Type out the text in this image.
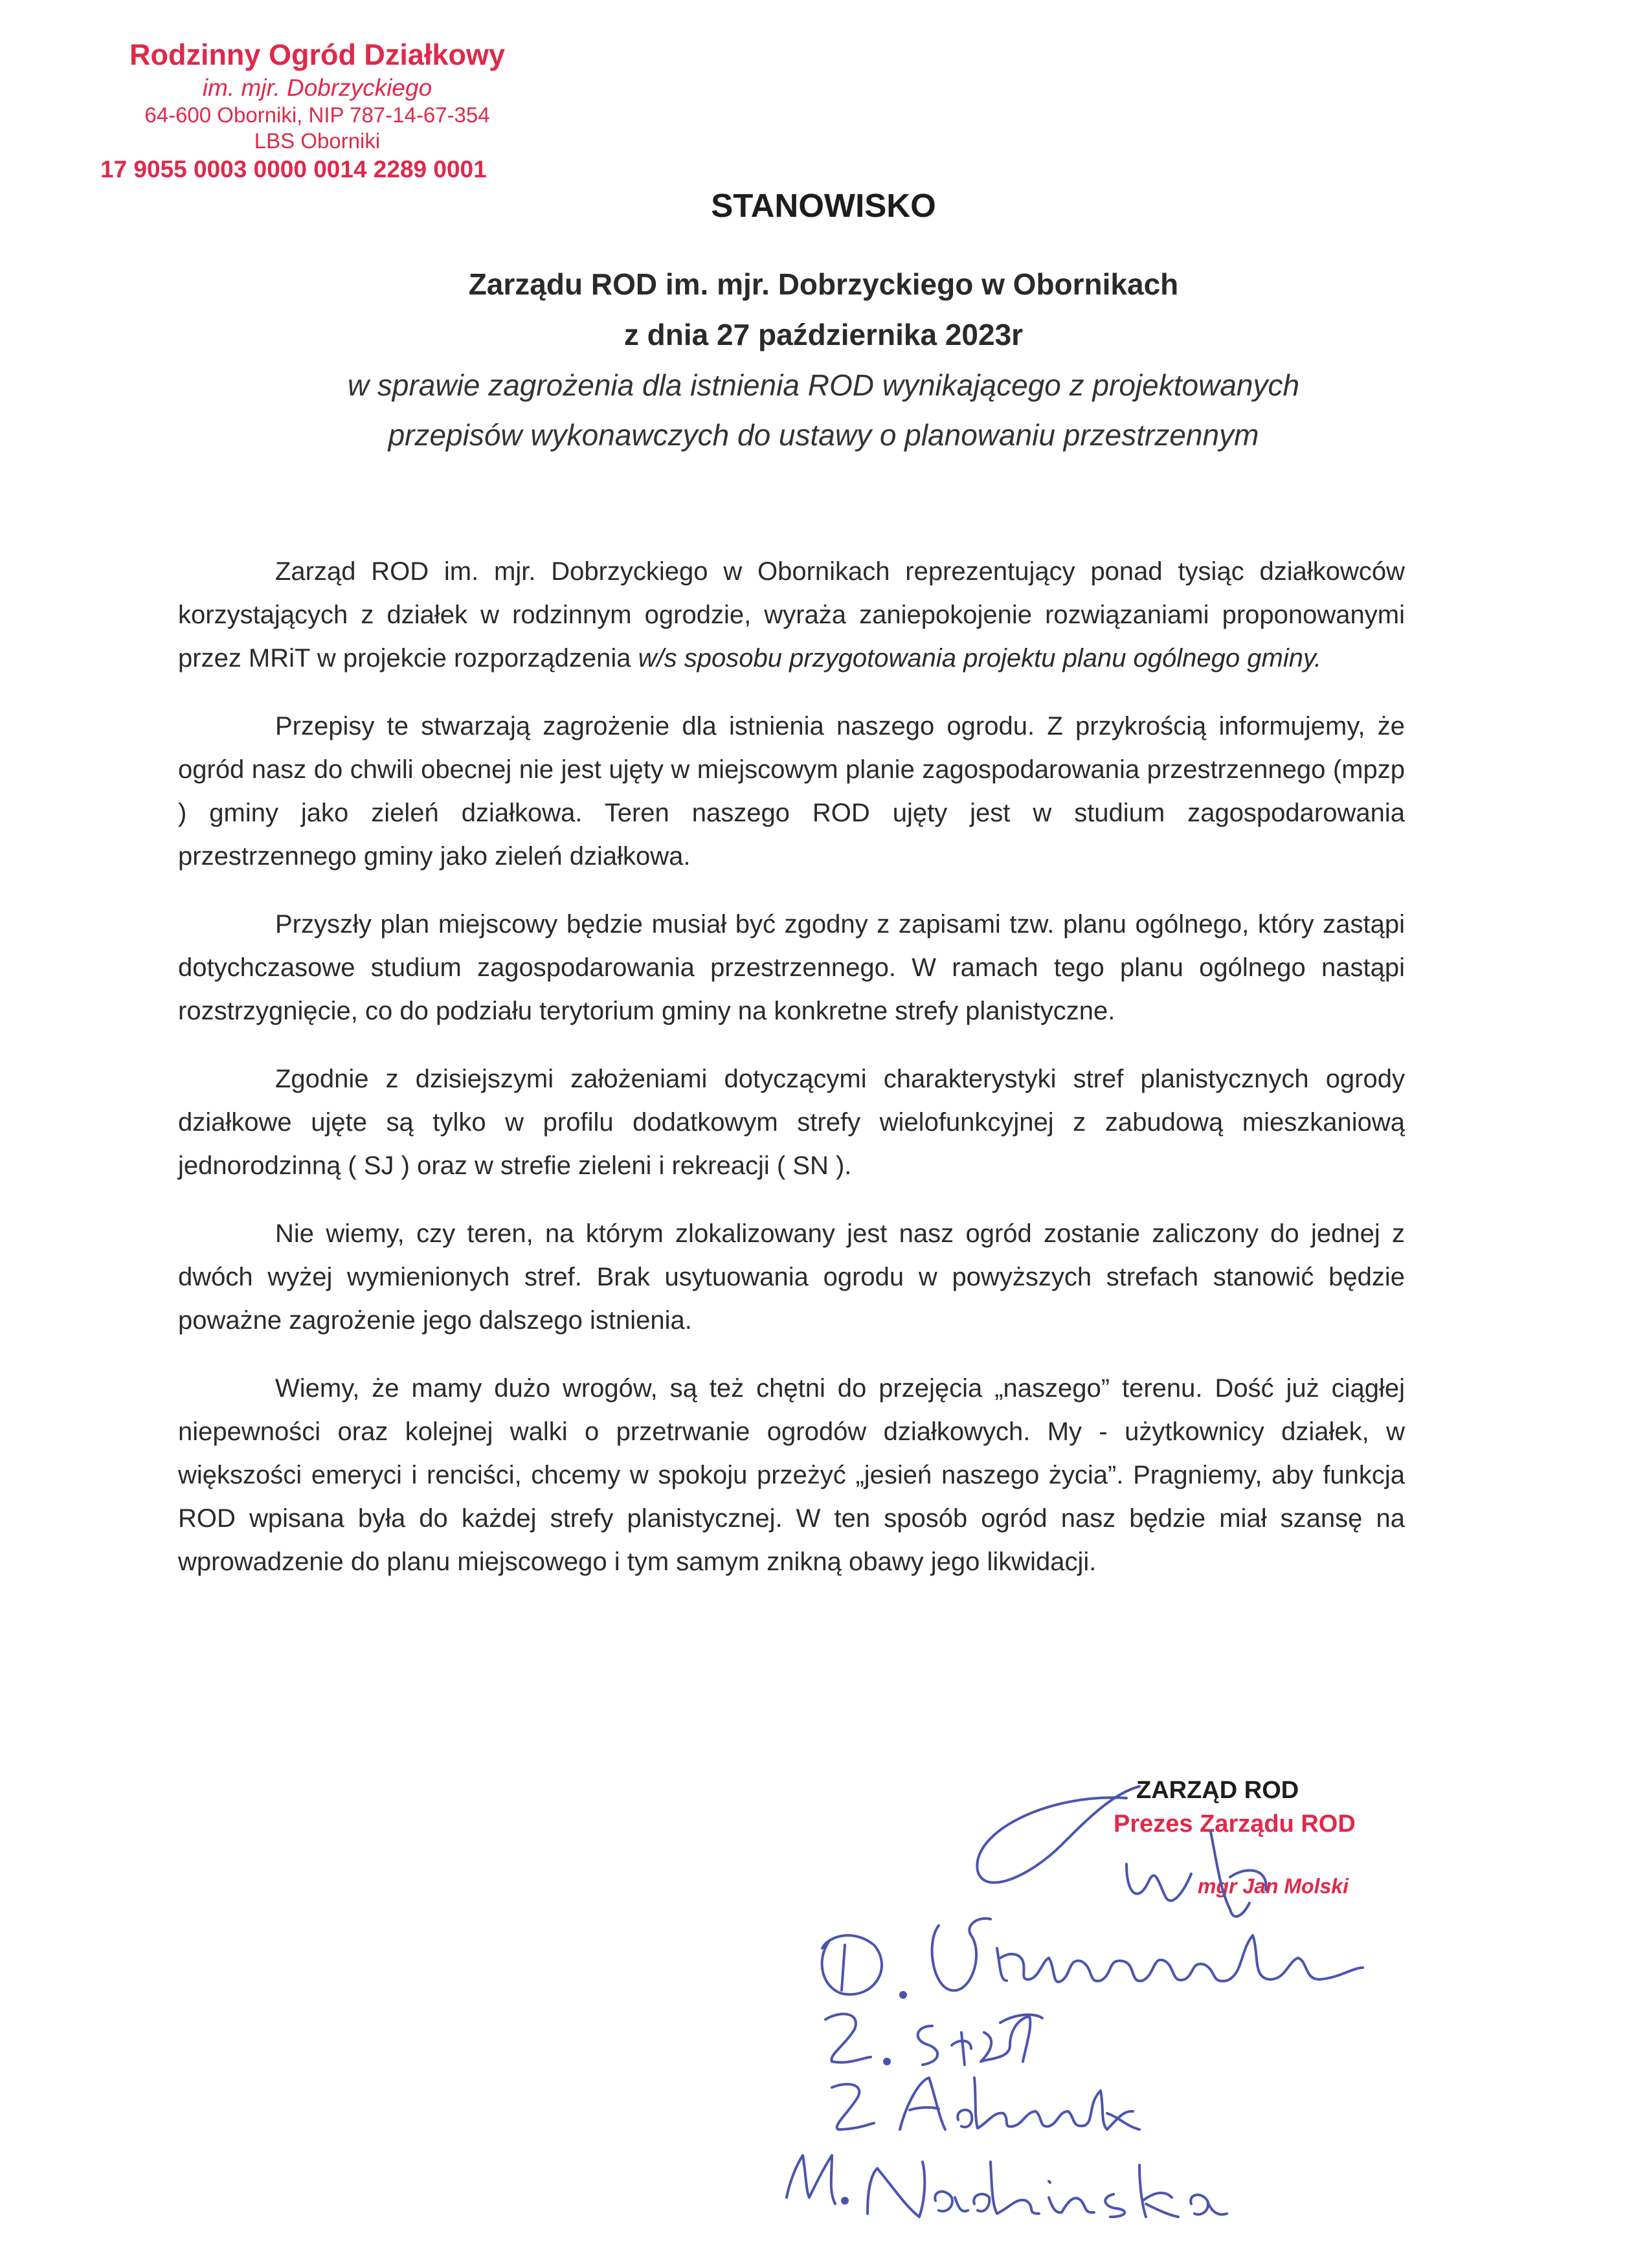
Rodzinny Ogród Działkowy
im. mjr. Dobrzyckiego
64-600 Oborniki, NIP 787-14-67-354
LBS Oborniki
17 9055 0003 0000 0014 2289 0001
STANOWISKO
Zarządu ROD im. mjr. Dobrzyckiego w Obornikach
z dnia 27 października 2023r
w sprawie zagrożenia dla istnienia ROD wynikającego z projektowanych
przepisów wykonawczych do ustawy o planowaniu przestrzennym

Zarząd ROD im. mjr. Dobrzyckiego w Obornikach reprezentujący ponad tysiąc działkowców korzystających z działek w rodzinnym ogrodzie, wyraża zaniepokojenie rozwiązaniami proponowanymi przez MRiT w projekcie rozporządzenia w/s sposobu przygotowania projektu planu ogólnego gminy.

Przepisy te stwarzają zagrożenie dla istnienia naszego ogrodu. Z przykrością informujemy, że ogród nasz do chwili obecnej nie jest ujęty w miejscowym planie zagospodarowania przestrzennego (mpzp ) gminy jako zieleń działkowa. Teren naszego ROD ujęty jest w studium zagospodarowania przestrzennego gminy jako zieleń działkowa.

Przyszły plan miejscowy będzie musiał być zgodny z zapisami tzw. planu ogólnego, który zastąpi dotychczasowe studium zagospodarowania przestrzennego. W ramach tego planu ogólnego nastąpi rozstrzygnięcie, co do podziału terytorium gminy na konkretne strefy planistyczne.

Zgodnie z dzisiejszymi założeniami dotyczącymi charakterystyki stref planistycznych ogrody działkowe ujęte są tylko w profilu dodatkowym strefy wielofunkcyjnej z zabudową mieszkaniową jednorodzinną ( SJ ) oraz w strefie zieleni i rekreacji ( SN ).

Nie wiemy, czy teren, na którym zlokalizowany jest nasz ogród zostanie zaliczony do jednej z dwóch wyżej wymienionych stref. Brak usytuowania ogrodu w powyższych strefach stanowić będzie poważne zagrożenie jego dalszego istnienia.

Wiemy, że mamy dużo wrogów, są też chętni do przejęcia „naszego” terenu. Dość już ciągłej niepewności oraz kolejnej walki o przetrwanie ogrodów działkowych. My - użytkownicy działek, w większości emeryci i renciści, chcemy w spokoju przeżyć „jesień naszego życia”. Pragniemy, aby funkcja ROD wpisana była do każdej strefy planistycznej. W ten sposób ogród nasz będzie miał szansę na wprowadzenie do planu miejscowego i tym samym znikną obawy jego likwidacji.

ZARZĄD ROD
Prezes Zarządu ROD
mgr Jan Molski
